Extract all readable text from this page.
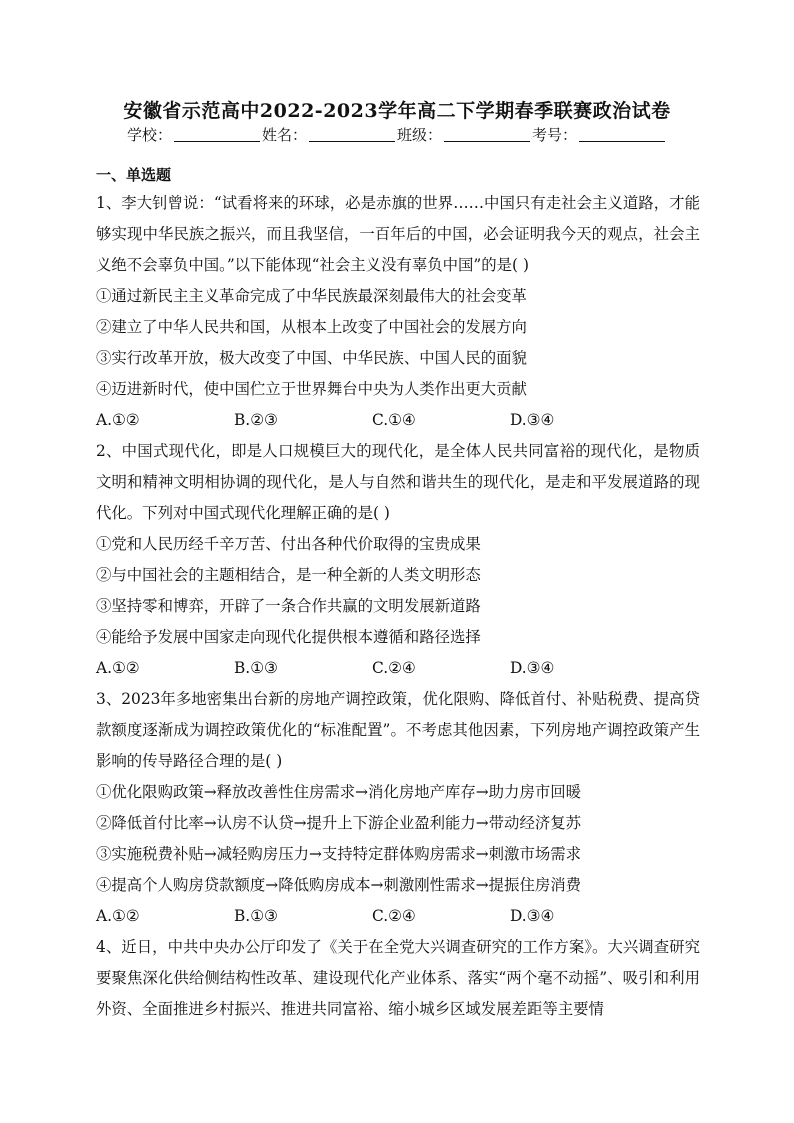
安徽省示范高中2022-2023学年高二下学期春季联赛政治试卷
学校：	姓名：	班级：	考号：
一、单选题

1、李大钊曾说：“试看将来的环球，必是赤旗的世界……中国只有走社会主义道路，才能够实现中华民族之振兴，而且我坚信，一百年后的中国，必会证明我今天的观点，社会主义绝不会辜负中国。”以下能体现“社会主义没有辜负中国”的是( )

①通过新民主主义革命完成了中华民族最深刻最伟大的社会变革

②建立了中华人民共和国，从根本上改变了中国社会的发展方向

③实行改革开放，极大改变了中国、中华民族、中国人民的面貌

④迈进新时代，使中国伫立于世界舞台中央为人类作出更大贡献

A.①②	B.②③	C.①④	D.③④

2、中国式现代化，即是人口规模巨大的现代化，是全体人民共同富裕的现代化，是物质文明和精神文明相协调的现代化，是人与自然和谐共生的现代化，是走和平发展道路的现代化。下列对中国式现代化理解正确的是( )

①党和人民历经千辛万苦、付出各种代价取得的宝贵成果

②与中国社会的主题相结合，是一种全新的人类文明形态

③坚持零和博弈，开辟了一条合作共赢的文明发展新道路

④能给予发展中国家走向现代化提供根本遵循和路径选择

A.①②	B.①③	C.②④	D.③④

3、2023年多地密集出台新的房地产调控政策，优化限购、降低首付、补贴税费、提高贷款额度逐渐成为调控政策优化的“标准配置”。不考虑其他因素，下列房地产调控政策产生影响的传导路径合理的是( )

①优化限购政策→释放改善性住房需求→消化房地产库存→助力房市回暖

②降低首付比率→认房不认贷→提升上下游企业盈利能力→带动经济复苏

③实施税费补贴→减轻购房压力→支持特定群体购房需求→刺激市场需求

④提高个人购房贷款额度→降低购房成本→刺激刚性需求→提振住房消费

A.①②	B.①③	C.②④	D.③④

4、近日，中共中央办公厅印发了《关于在全党大兴调查研究的工作方案》。大兴调查研究要聚焦深化供给侧结构性改革、建设现代化产业体系、落实“两个毫不动摇”、吸引和利用外资、全面推进乡村振兴、推进共同富裕、缩小城乡区域发展差距等主要情
